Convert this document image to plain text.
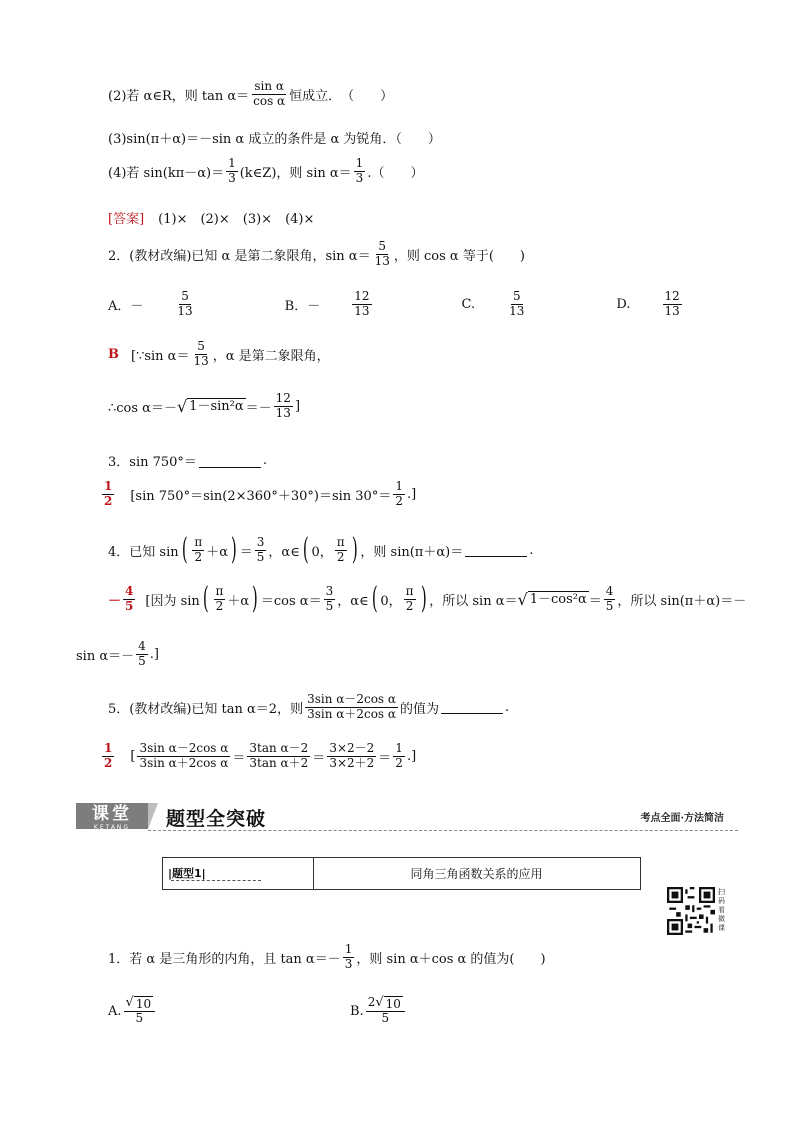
(2)若 α∈R，则 $\tan \alpha= \frac{\text{sin α}}{\text{cos α}}$ 恒成立．　（　　）
(3)sin(π＋α)＝－sin α 成立的条件是 α 为锐角．（　　）
(4)若 $\sin(k\pi-\alpha)= \frac{1}{3}$ (k∈Z)，则 $\sin \alpha= \frac{1}{3}$ .（　　）
[答案] (1)×　(2)×　(3)×　(4)×
2．(教材改编)已知 α 是第二象限角，$\sin \alpha= \frac{5}{13}$ ，则 cos α 等于(　　)
A．－	$\frac{5}{13}$	B．－	$\frac{12}{13}$	C.	$\frac{5}{13}$	D.	$\frac{12}{13}$
B [∵sin $\alpha= \frac{5}{13}$ ，α 是第二象限角，
∴cos α＝－ √ $1-\sin^2\alpha =- \frac{12}{13}$ ]
3．sin 750°＝	.
$\frac{1}{2} [\sin$ 750°＝sin(2×360°＋30°)＝sin $30^\circ= \frac{1}{2}$ .]
4．已知 sin ( $\frac{\pi}{2} +\alpha$ ) ＝ $\frac{3}{5}$ ，α∈ ( 0， $\frac{\pi}{2}$ ) ，则 sin(π＋α)＝	.
－ $\frac{4}{5}$ [因为 sin ( $\frac{\pi}{2} +\alpha$ ) ＝cos $\alpha= \frac{3}{5}$ ，α∈ ( 0， $\frac{\pi}{2}$ ) ，所以 sin α＝ √ $1-\cos^2\alpha = \frac{4}{5}$ ，所以 sin(π＋α)＝－
$\sin \alpha=- \frac{4}{5}$ .]
5．(教材改编)已知 tan α＝2，则 $\frac{\text{3sin α－2cos α}}{\text{3sin α＋2cos α}}$ 的值为	.
$\frac{1}{2}$ [ $\frac{\text{3sin α－2cos α}}{\text{3sin α＋2cos α}} = \frac{\text{3tan α－2}}{\text{3tan α＋2}} = \frac{3\times 2-2}{3\times 2+2} = \frac{1}{2}$ .]
课堂
KETANG	题型全突破	考点全面·方法简洁
|题型1|	同角三角函数关系的应用
扫码看微课
1．若 α 是三角形的内角，且 $\tan \alpha=- \frac{1}{3}$ ，则 sin α＋cos α 的值为(　　)
A. $\frac{√ 10}{5}$	B. $\frac{2 √ 10}{5}$
